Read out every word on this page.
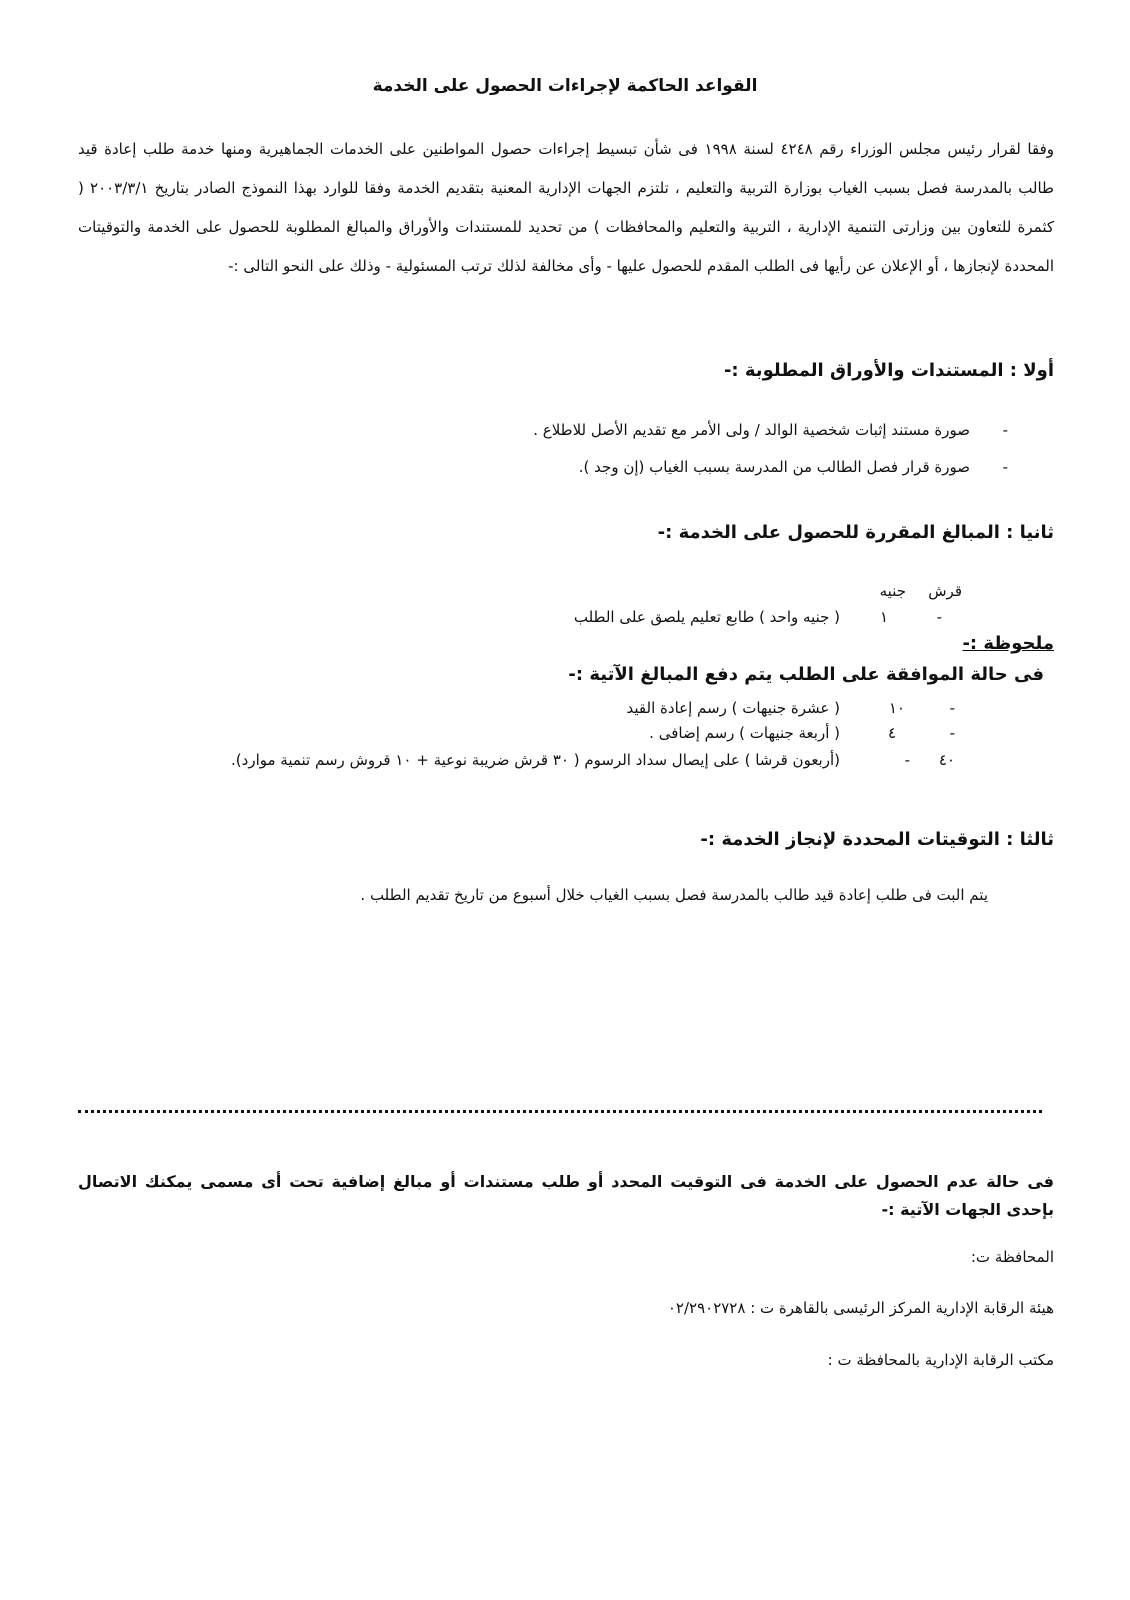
القواعد الحاكمة لإجراءات الحصول على الخدمة
وفقا لقرار رئيس مجلس الوزراء رقم ٤٢٤٨ لسنة ١٩٩٨ فى شأن تبسيط إجراءات حصول المواطنين على الخدمات الجماهيرية ومنها خدمة طلب إعادة قيد طالب بالمدرسة فصل بسبب الغياب بوزارة التربية والتعليم ، تلتزم الجهات الإدارية المعنية بتقديم الخدمة وفقا للوارد بهذا النموذج الصادر بتاريخ ٢٠٠٣/٣/١ ( كثمرة للتعاون بين وزارتى التنمية الإدارية ، التربية والتعليم والمحافظات ) من تحديد للمستندات والأوراق والمبالغ المطلوبة للحصول على الخدمة والتوقيتات المحددة لإنجازها ، أو الإعلان عن رأيها فى الطلب المقدم للحصول عليها - وأى مخالفة لذلك ترتب المسئولية - وذلك على النحو التالى :-
أولا : المستندات والأوراق المطلوبة :-
-
صورة مستند إثبات شخصية الوالد / ولى الأمر مع تقديم الأصل للاطلاع .
-
صورة قرار فصل الطالب من المدرسة بسبب الغياب (إن وجد ).
ثانيا : المبالغ المقررة للحصول على الخدمة :-
قرش
جنيه
-
١
( جنيه واحد ) طابع تعليم يلصق على الطلب
ملحوظة :-
فى حالة الموافقة على الطلب يتم دفع المبالغ الآتية :-
-
١٠
( عشرة جنيهات ) رسم إعادة القيد
-
٤
( أربعة جنيهات ) رسم إضافى .
- ٤٠
(أربعون قرشا ) على إيصال سداد الرسوم ( ٣٠ قرش ضريبة نوعية + ١٠ قروش رسم تنمية موارد).
ثالثا : التوقيتات المحددة لإنجاز الخدمة :-
يتم البت فى طلب إعادة قيد طالب بالمدرسة فصل بسبب الغياب خلال أسبوع من تاريخ تقديم الطلب .
فى حالة عدم الحصول على الخدمة فى التوقيت المحدد أو طلب مستندات أو مبالغ إضافية تحت أى مسمى يمكنك الاتصال بإحدى الجهات الآتية :-
المحافظة ت:
هيئة الرقابة الإدارية المركز الرئيسى بالقاهرة ت : ٠٢/٢٩٠٢٧٢٨
مكتب الرقابة الإدارية بالمحافظة ت :
